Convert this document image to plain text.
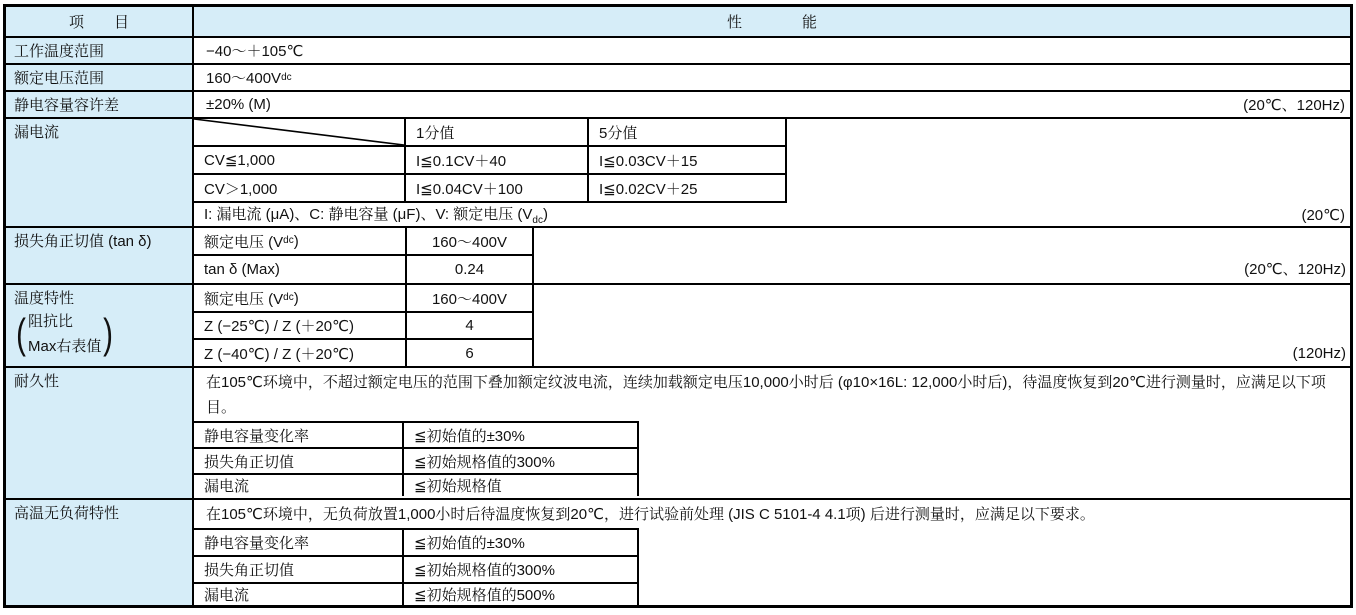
项　　目	性　　　　能
工作温度范围	−40～＋105℃
额定电压范围	160～400V dc
静电容量容许差	±20% (M)	(20℃、120Hz)
漏电流	1分值	5分值
CV≦1,000	I≦0.1CV＋40	I≦0.03CV＋15
CV＞1,000	I≦0.04CV＋100	I≦0.02CV＋25
I: 漏电流 (μA)、C: 静电容量 (μF)、V: 额定电压 $(V_{dc})$	(20℃)
损失角正切值 (tan δ)	额定电压 (V dc )	160～400V
tan δ (Max)	0.24	(20℃、120Hz)
温度特性
( 阻抗比
Max右表值 )
额定电压 (V dc )	160～400V
Z (−25℃) / Z (＋20℃)	4
Z (−40℃) / Z (＋20℃)	6	(120Hz)
耐久性	在105℃环境中，不超过额定电压的范围下叠加额定纹波电流，连续加载额定电压10,000小时后 (φ10×16L: 12,000小时后)，待温度恢复到20℃进行测量时，应满足以下项目。
静电容量变化率	≦初始值的±30%
损失角正切值	≦初始规格值的300%
漏电流	≦初始规格值
高温无负荷特性	在105℃环境中，无负荷放置1,000小时后待温度恢复到20℃，进行试验前处理 (JIS C 5101-4 4.1项) 后进行测量时，应满足以下要求。
静电容量变化率	≦初始值的±30%
损失角正切值	≦初始规格值的300%
漏电流	≦初始规格值的500%
